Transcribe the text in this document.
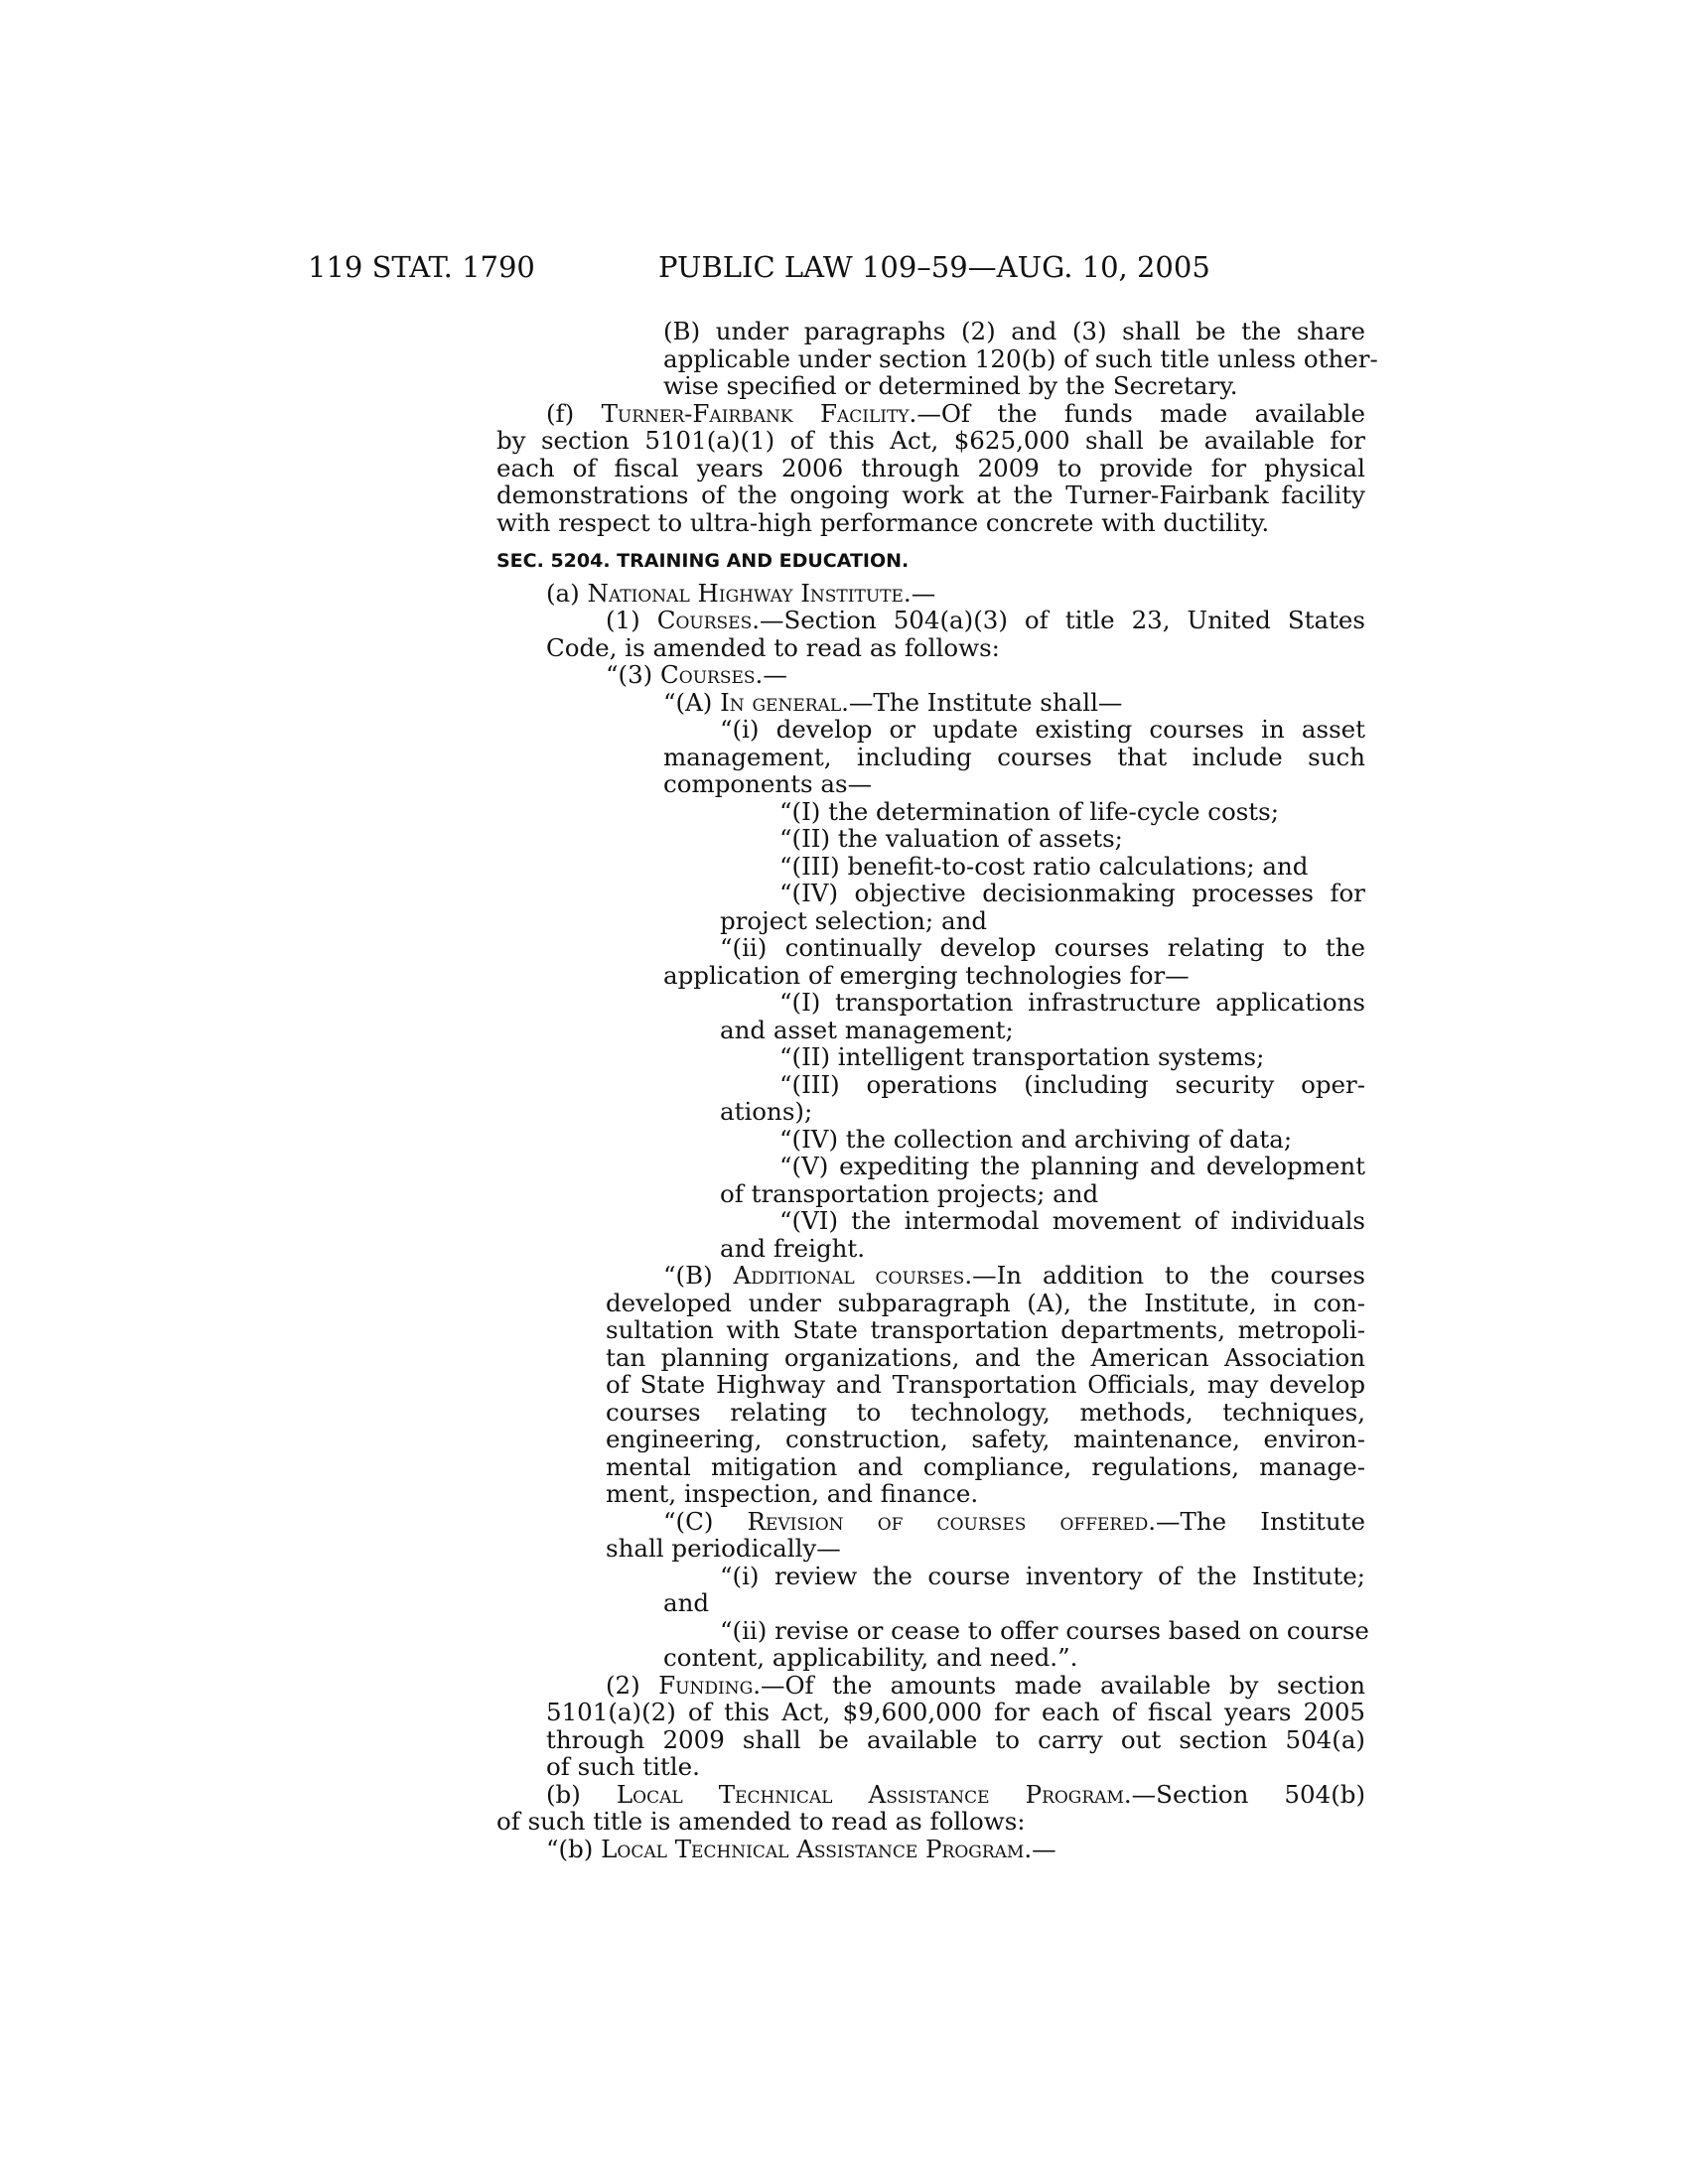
119 STAT. 1790	PUBLIC LAW 109–59—AUG. 10, 2005
(B) under paragraphs (2) and (3) shall be the share
applicable under section 120(b) of such title unless other-
wise specified or determined by the Secretary.
(f) Turner-Fairbank Facility.—Of the funds made available
by section 5101(a)(1) of this Act, $625,000 shall be available for
each of fiscal years 2006 through 2009 to provide for physical
demonstrations of the ongoing work at the Turner-Fairbank facility
with respect to ultra-high performance concrete with ductility.
SEC. 5204. TRAINING AND EDUCATION.
(a) National Highway Institute.—
(1) Courses.—Section 504(a)(3) of title 23, United States
Code, is amended to read as follows:
“(3) Courses.—
“(A) In general.—The Institute shall—
“(i) develop or update existing courses in asset
management, including courses that include such
components as—
“(I) the determination of life-cycle costs;
“(II) the valuation of assets;
“(III) benefit-to-cost ratio calculations; and
“(IV) objective decisionmaking processes for
project selection; and
“(ii) continually develop courses relating to the
application of emerging technologies for—
“(I) transportation infrastructure applications
and asset management;
“(II) intelligent transportation systems;
“(III) operations (including security oper-
ations);
“(IV) the collection and archiving of data;
“(V) expediting the planning and development
of transportation projects; and
“(VI) the intermodal movement of individuals
and freight.
“(B) Additional courses.—In addition to the courses
developed under subparagraph (A), the Institute, in con-
sultation with State transportation departments, metropoli-
tan planning organizations, and the American Association
of State Highway and Transportation Officials, may develop
courses relating to technology, methods, techniques,
engineering, construction, safety, maintenance, environ-
mental mitigation and compliance, regulations, manage-
ment, inspection, and finance.
“(C) Revision of courses offered.—The Institute
shall periodically—
“(i) review the course inventory of the Institute;
and
“(ii) revise or cease to offer courses based on course
content, applicability, and need.”.
(2) Funding.—Of the amounts made available by section
5101(a)(2) of this Act, $9,600,000 for each of fiscal years 2005
through 2009 shall be available to carry out section 504(a)
of such title.
(b) Local Technical Assistance Program.—Section 504(b)
of such title is amended to read as follows:
“(b) Local Technical Assistance Program.—
